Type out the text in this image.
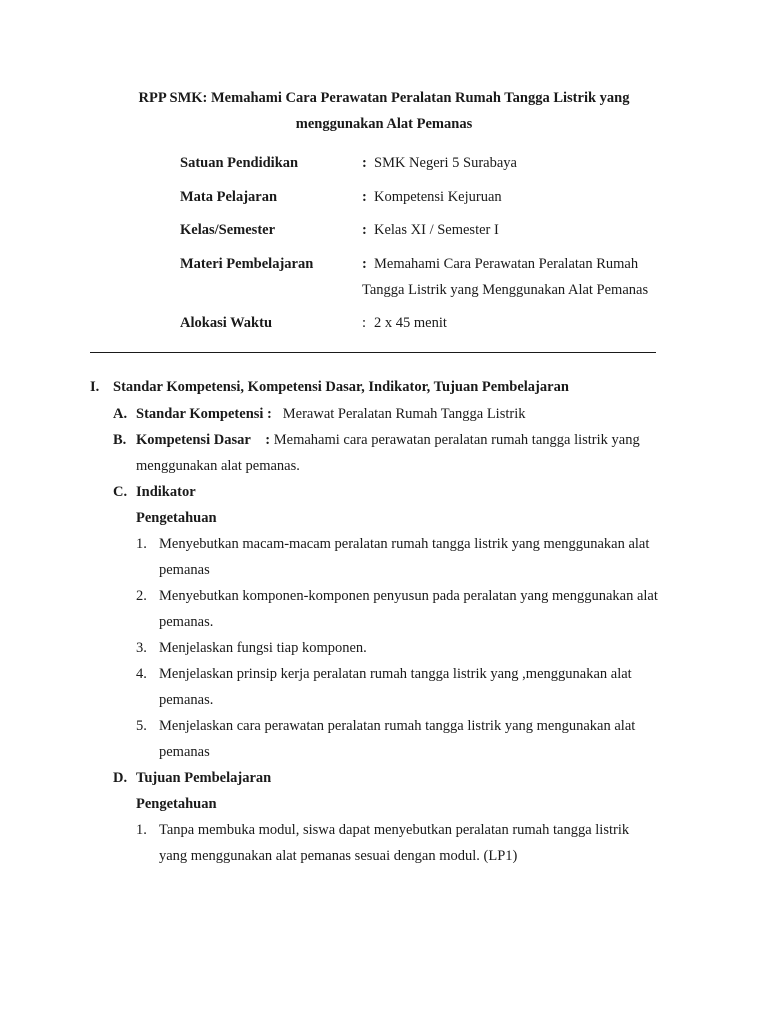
RPP SMK: Memahami Cara Perawatan Peralatan Rumah Tangga Listrik yang
menggunakan Alat Pemanas
Satuan Pendidikan	: SMK Negeri 5 Surabaya
Mata Pelajaran	: Kompetensi Kejuruan
Kelas/Semester	: Kelas XI / Semester I
Materi Pembelajaran	: Memahami Cara Perawatan Peralatan Rumah
Tangga Listrik yang Menggunakan Alat Pemanas
Alokasi Waktu	: 2 x 45 menit
I. Standar Kompetensi, Kompetensi Dasar, Indikator, Tujuan Pembelajaran
A. Standar Kompetensi : Merawat Peralatan Rumah Tangga Listrik
B. Kompetensi Dasar : Memahami cara perawatan peralatan rumah tangga listrik yang
menggunakan alat pemanas.
C. Indikator
Pengetahuan
1. Menyebutkan macam-macam peralatan rumah tangga listrik yang menggunakan alat
pemanas
2. Menyebutkan komponen-komponen penyusun pada peralatan yang menggunakan alat
pemanas.
3. Menjelaskan fungsi tiap komponen.
4. Menjelaskan prinsip kerja peralatan rumah tangga listrik yang ,menggunakan alat
pemanas.
5. Menjelaskan cara perawatan peralatan rumah tangga listrik yang mengunakan alat
pemanas
D. Tujuan Pembelajaran
Pengetahuan
1. Tanpa membuka modul, siswa dapat menyebutkan peralatan rumah tangga listrik
yang menggunakan alat pemanas sesuai dengan modul. (LP1)
